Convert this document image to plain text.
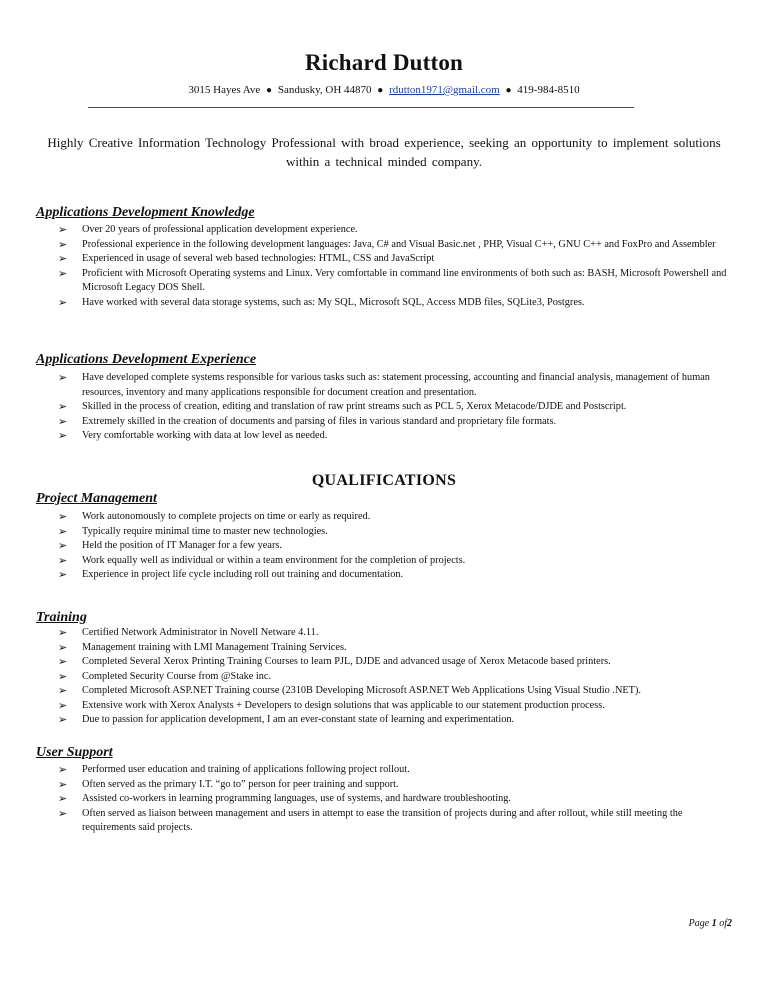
Richard Dutton
3015 Hayes Ave ● Sandusky, OH 44870 ● rdutton1971@gmail.com ● 419-984-8510
Highly Creative Information Technology Professional with broad experience, seeking an opportunity to implement solutions within a technical minded company.
Applications Development Knowledge
➢ Over 20 years of professional application development experience.
➢ Professional experience in the following development languages: Java, C# and Visual Basic.net , PHP, Visual C++, GNU C++ and FoxPro and Assembler
➢ Experienced in usage of several web based technologies: HTML, CSS and JavaScript
➢ Proficient with Microsoft Operating systems and Linux. Very comfortable in command line environments of both such as: BASH, Microsoft Powershell and Microsoft Legacy DOS Shell.
➢ Have worked with several data storage systems, such as: My SQL, Microsoft SQL, Access MDB files, SQLite3, Postgres.
Applications Development Experience
➢ Have developed complete systems responsible for various tasks such as: statement processing, accounting and financial analysis, management of human resources, inventory and many applications responsible for document creation and presentation.
➢ Skilled in the process of creation, editing and translation of raw print streams such as PCL 5, Xerox Metacode/DJDE and Postscript.
➢ Extremely skilled in the creation of documents and parsing of files in various standard and proprietary file formats.
➢ Very comfortable working with data at low level as needed.
QUALIFICATIONS
Project Management
➢ Work autonomously to complete projects on time or early as required.
➢ Typically require minimal time to master new technologies.
➢ Held the position of IT Manager for a few years.
➢ Work equally well as individual or within a team environment for the completion of projects.
➢ Experience in project life cycle including roll out training and documentation.
Training
➢ Certified Network Administrator in Novell Netware 4.11.
➢ Management training with LMI Management Training Services.
➢ Completed Several Xerox Printing Training Courses to learn PJL, DJDE and advanced usage of Xerox Metacode based printers.
➢ Completed Security Course from @Stake inc.
➢ Completed Microsoft ASP.NET Training course (2310B Developing Microsoft ASP.NET Web Applications Using Visual Studio .NET).
➢ Extensive work with Xerox Analysts + Developers to design solutions that was applicable to our statement production process.
➢ Due to passion for application development, I am an ever-constant state of learning and experimentation.
User Support
➢ Performed user education and training of applications following project rollout.
➢ Often served as the primary I.T. “go to” person for peer training and support.
➢ Assisted co-workers in learning programming languages, use of systems, and hardware troubleshooting.
➢ Often served as liaison between management and users in attempt to ease the transition of projects during and after rollout, while still meeting the requirements said projects.
Page 1 of2
